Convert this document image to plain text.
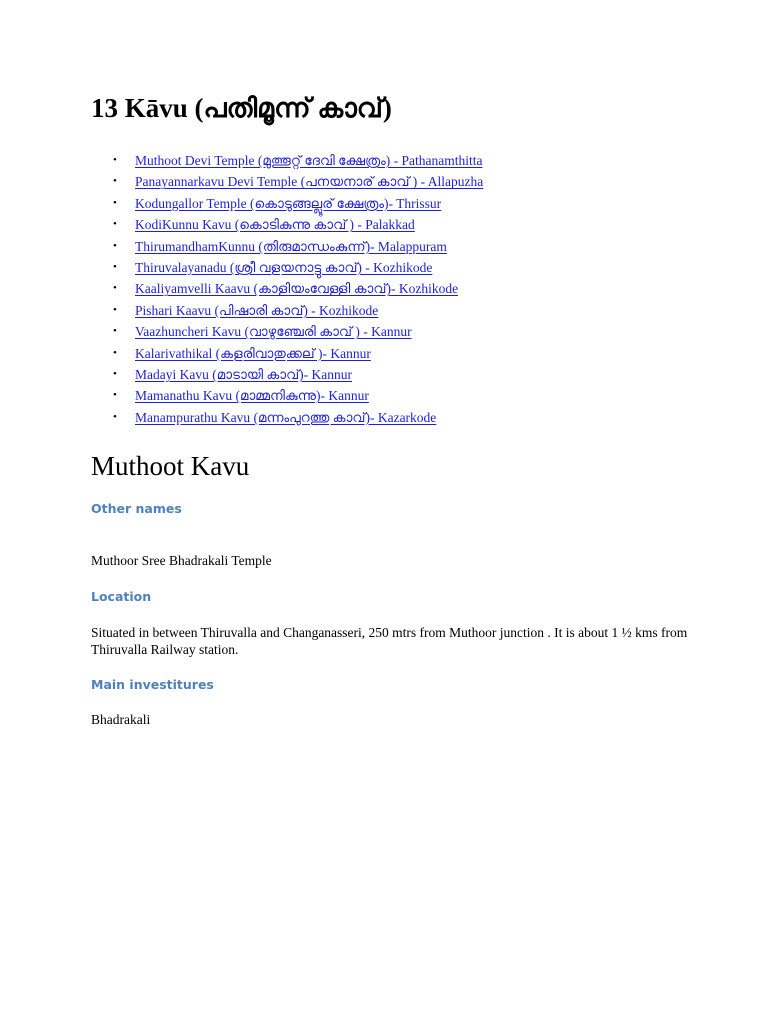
13 Kāvu (പതിമൂന്ന് കാവ്)
• Muthoot Devi Temple (മുത്തൂറ്റ് ദേവി ക്ഷേത്രം) - Pathanamthitta
• Panayannarkavu Devi Temple (പനയനാര് കാവ് ) - Allapuzha
• Kodungallor Temple (കൊടുങ്ങല്ലൂര് ക്ഷേത്രം)- Thrissur
• KodiKunnu Kavu (കൊടികുന്നു കാവ് ) - Palakkad
• ThirumandhamKunnu (തിരുമാന്ധംകുന്ന്)- Malappuram
• Thiruvalayanadu (ശ്രീ വളയനാട്ടു കാവ്) - Kozhikode
• Kaaliyamvelli Kaavu (കാളിയംവേള്ളി കാവ്)- Kozhikode
• Pishari Kaavu (പിഷാരി കാവ്) - Kozhikode
• Vaazhuncheri Kavu (വാഴുഞ്ചേരി കാവ് ) - Kannur
• Kalarivathikal (കളരിവാതുക്കല് )- Kannur
• Madayi Kavu (മാടായി കാവ്)- Kannur
• Mamanathu Kavu (മാമ്മനികുന്നു)- Kannur
• Manampurathu Kavu (മന്നംപുറത്തു കാവ്)- Kazarkode
Muthoot Kavu
Other names
Muthoor Sree Bhadrakali Temple
Location
Situated in between Thiruvalla and Changanasseri, 250 mtrs from Muthoor junction . It is about 1 ½ kms from Thiruvalla Railway station.
Main investitures
Bhadrakali
